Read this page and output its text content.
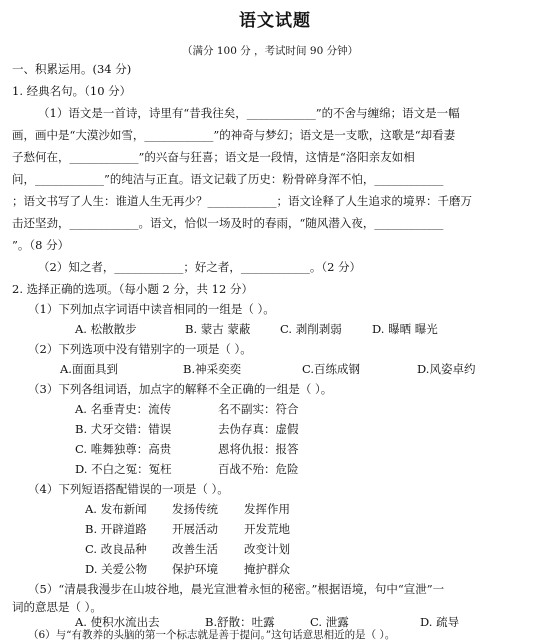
语文试题
（满分 100 分 ，考试时间 90 分钟）
一、积累运用。(34 分)
1. 经典名句。（10 分）
（1）语文是一首诗，诗里有“昔我往矣，____________”的不舍与缠绵；语文是一幅
画，画中是“大漠沙如雪，____________”的神奇与梦幻；语文是一支歌，这歌是“却看妻
子愁何在，____________”的兴奋与狂喜；语文是一段情，这情是“洛阳亲友如相
问，____________”的纯洁与正直。语文记载了历史：粉骨碎身浑不怕，____________
；语文书写了人生：谁道人生无再少？____________；语文诠释了人生追求的境界：千磨万
击还坚劲，____________。语文，恰似一场及时的春雨，“随风潜入夜，____________
”。（8 分）
（2）知之者，____________；好之者，____________。（2 分）
2. 选择正确的选项。（每小题 2 分，共 12 分）
（1）下列加点字词语中读音相同的一组是（ ）。
A. 松散散步	B. 蒙古 蒙蔽	C. 剥削剥弱	D. 曝晒 曝光
（2）下列选项中没有错别字的一项是（ ）。
A.面面具到	B.神采奕奕	C.百练成钢	D.风姿卓约
（3）下列各组词语，加点字的解释不全正确的一组是（ ）。
A. 名垂青史：流传	名不副实：符合
B. 犬牙交错：错误	去伪存真：虚假
C. 唯舞独尊：高贵	恩将仇报：报答
D. 不白之冤：冤枉	百战不殆：危险
（4）下列短语搭配错误的一项是（ ）。
A. 发布新闻 发扬传统 发挥作用
B. 开辟道路 开展活动 开发荒地
C. 改良品种 改善生活 改变计划
D. 关爱公物 保护环境 掩护群众
（5）“清晨我漫步在山坡谷地，晨光宣泄着永恒的秘密。”根据语境，句中“宣泄”一
词的意思是（ ）。
A. 使积水流出去	B.舒散：吐露	C. 泄露	D. 疏导
（6）与“有教养的头脑的第一个标志就是善于提问。”这句话意思相近的是（ ）。
